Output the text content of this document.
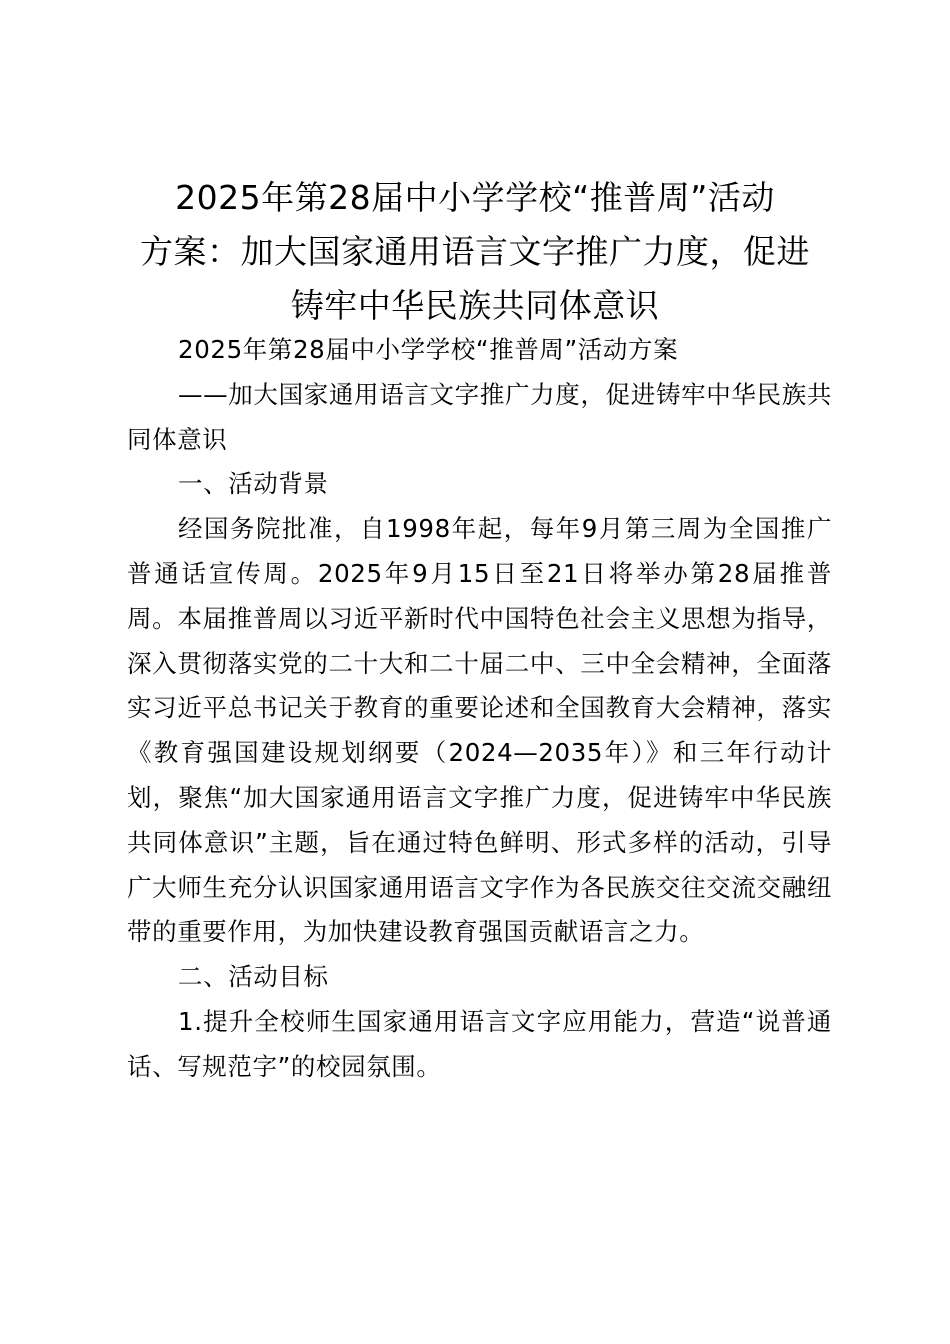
2025年第28届中小学学校“推普周”活动
方案：加大国家通用语言文字推广力度，促进
铸牢中华民族共同体意识

2025年第28届中小学学校“推普周”活动方案

——加大国家通用语言文字推广力度，促进铸牢中华民族共同体意识

一、活动背景

经国务院批准，自1998年起，每年9月第三周为全国推广普通话宣传周。2025年9月15日至21日将举办第28届推普周。本届推普周以习近平新时代中国特色社会主义思想为指导，深入贯彻落实党的二十大和二十届二中、三中全会精神，全面落实习近平总书记关于教育的重要论述和全国教育大会精神，落实《教育强国建设规划纲要（2024—2035年）》和三年行动计划，聚焦“加大国家通用语言文字推广力度，促进铸牢中华民族共同体意识”主题，旨在通过特色鲜明、形式多样的活动，引导广大师生充分认识国家通用语言文字作为各民族交往交流交融纽带的重要作用，为加快建设教育强国贡献语言之力。

二、活动目标

1.提升全校师生国家通用语言文字应用能力，营造“说普通话、写规范字”的校园氛围。
